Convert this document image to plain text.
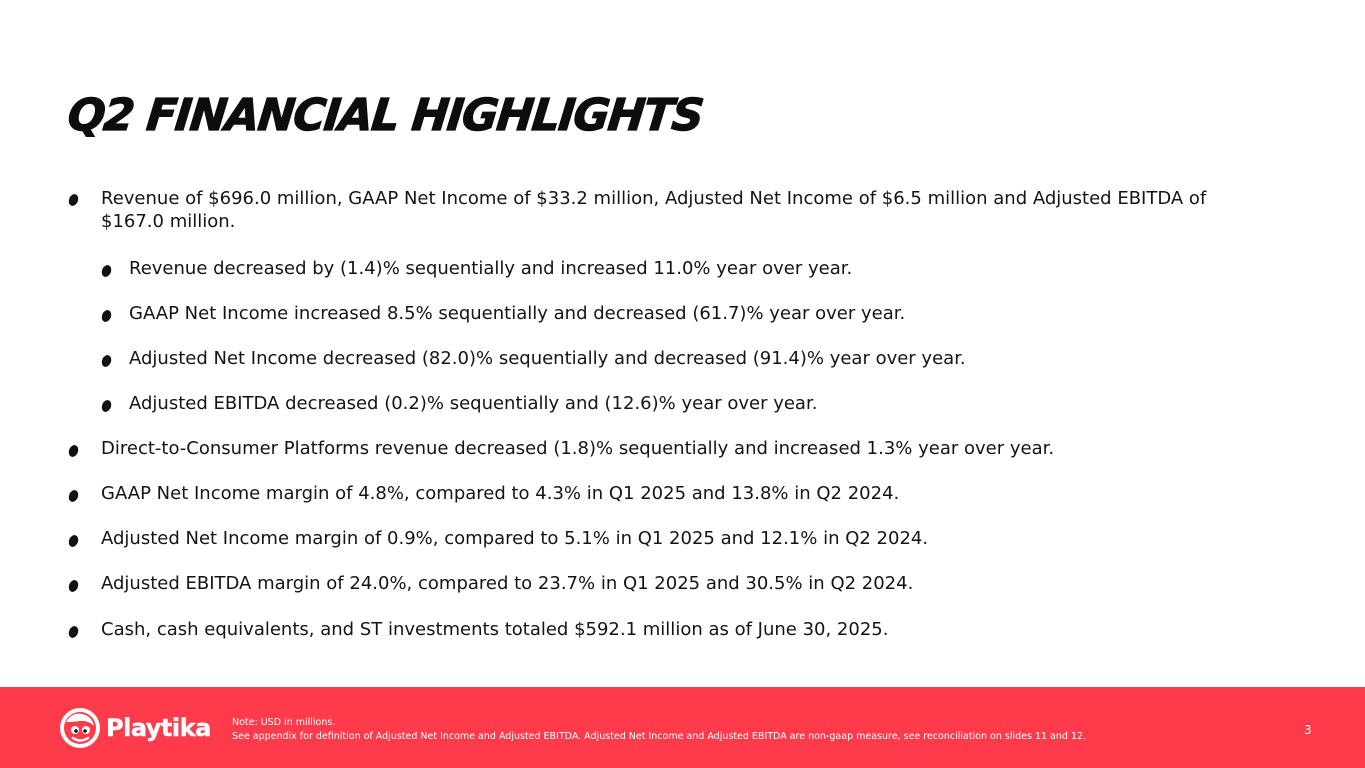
Q2 FINANCIAL HIGHLIGHTS
Revenue of $696.0 million, GAAP Net Income of $33.2 million, Adjusted Net Income of $6.5 million and Adjusted EBITDA of $167.0 million.
Revenue decreased by (1.4)% sequentially and increased 11.0% year over year.
GAAP Net Income increased 8.5% sequentially and decreased (61.7)% year over year.
Adjusted Net Income decreased (82.0)% sequentially and decreased (91.4)% year over year.
Adjusted EBITDA decreased (0.2)% sequentially and (12.6)% year over year.
Direct-to-Consumer Platforms revenue decreased (1.8)% sequentially and increased 1.3% year over year.
GAAP Net Income margin of 4.8%, compared to 4.3% in Q1 2025 and 13.8% in Q2 2024.
Adjusted Net Income margin of 0.9%, compared to 5.1% in Q1 2025 and 12.1% in Q2 2024.
Adjusted EBITDA margin of 24.0%, compared to 23.7% in Q1 2025 and 30.5% in Q2 2024.
Cash, cash equivalents, and ST investments totaled $592.1 million as of June 30, 2025.
Playtika Note: USD in millions.
See appendix for definition of Adjusted Net Income and Adjusted EBITDA. Adjusted Net Income and Adjusted EBITDA are non-gaap measure, see reconciliation on slides 11 and 12.	3
